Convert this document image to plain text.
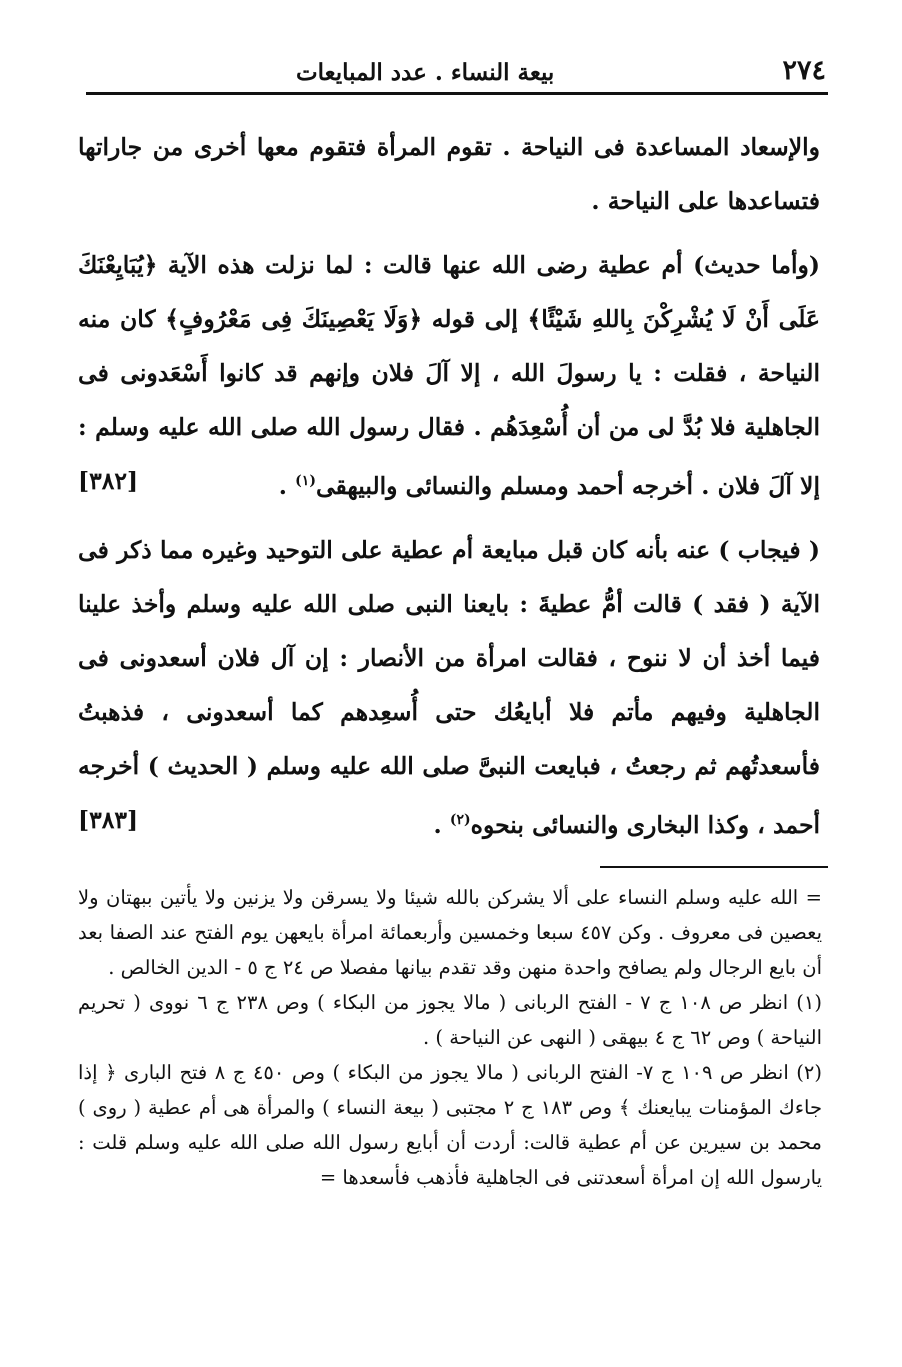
٢٧٤
بيعة النساء . عدد المبايعات

والإسعاد المساعدة فى النياحة . تقوم المرأة فتقوم معها أخرى من جاراتها فتساعدها على النياحة .

(وأما حديث) أم عطية رضى الله عنها قالت : لما نزلت هذه الآية ﴿يُبَايِعْنَكَ عَلَى أَنْ لَا يُشْرِكْنَ بِاللهِ شَيْئًا﴾ إلى قوله ﴿وَلَا يَعْصِينَكَ فِى مَعْرُوفٍ﴾ كان منه النياحة ، فقلت : يا رسولَ الله ، إلا آلَ فلان وإنهم قد كانوا أَسْعَدونى فى الجاهلية فلا بُدَّ لى من أن أُسْعِدَهُم . فقال رسول الله صلى الله عليه وسلم : إلا آلَ فلان . أخرجه أحمد ومسلم والنسائى والبيهقى$^{(١)}$ .
[٣٨٢]

( فيجاب ) عنه بأنه كان قبل مبايعة أم عطية على التوحيد وغيره مما ذكر فى الآية ( فقد ) قالت أمُّ عطيةَ : بايعنا النبى صلى الله عليه وسلم وأخذ علينا فيما أخذ أن لا ننوح ، فقالت امرأة من الأنصار : إن آل فلان أسعدونى فى الجاهلية وفيهم مأتم فلا أبايعُك حتى أُسعِدهم كما أسعدونى ، فذهبتُ فأسعدتُهم ثم رجعتُ ، فبايعت النبىَّ صلى الله عليه وسلم ( الحديث ) أخرجه أحمد ، وكذا البخارى والنسائى بنحوه$^{(٢)}$ .
[٣٨٣]

= الله عليه وسلم النساء على ألا يشركن بالله شيئا ولا يسرقن ولا يزنين ولا يأتين ببهتان ولا يعصين فى معروف . وكن ٤٥٧ سبعا وخمسين وأربعمائة امرأة بايعهن يوم الفتح عند الصفا بعد أن بايع الرجال ولم يصافح واحدة منهن وقد تقدم بيانها مفصلا ص ٢٤ ج ٥ - الدين الخالص .

(١) انظر ص ١٠٨ ج ٧ - الفتح الربانى ( مالا يجوز من البكاء ) وص ٢٣٨ ج ٦ نووى ( تحريم النياحة ) وص ٦٢ ج ٤ بيهقى ( النهى عن النياحة ) .

(٢) انظر ص ١٠٩ ج ٧- الفتح الربانى ( مالا يجوز من البكاء ) وص ٤٥٠ ج ٨ فتح البارى ﴿ إذا جاءك المؤمنات يبايعنك ﴾ وص ١٨٣ ج ٢ مجتبى ( بيعة النساء ) والمرأة هى أم عطية ( روى ) محمد بن سيرين عن أم عطية قالت: أردت أن أبايع رسول الله صلى الله عليه وسلم قلت : يارسول الله إن امرأة أسعدتنى فى الجاهلية فأذهب فأسعدها =
